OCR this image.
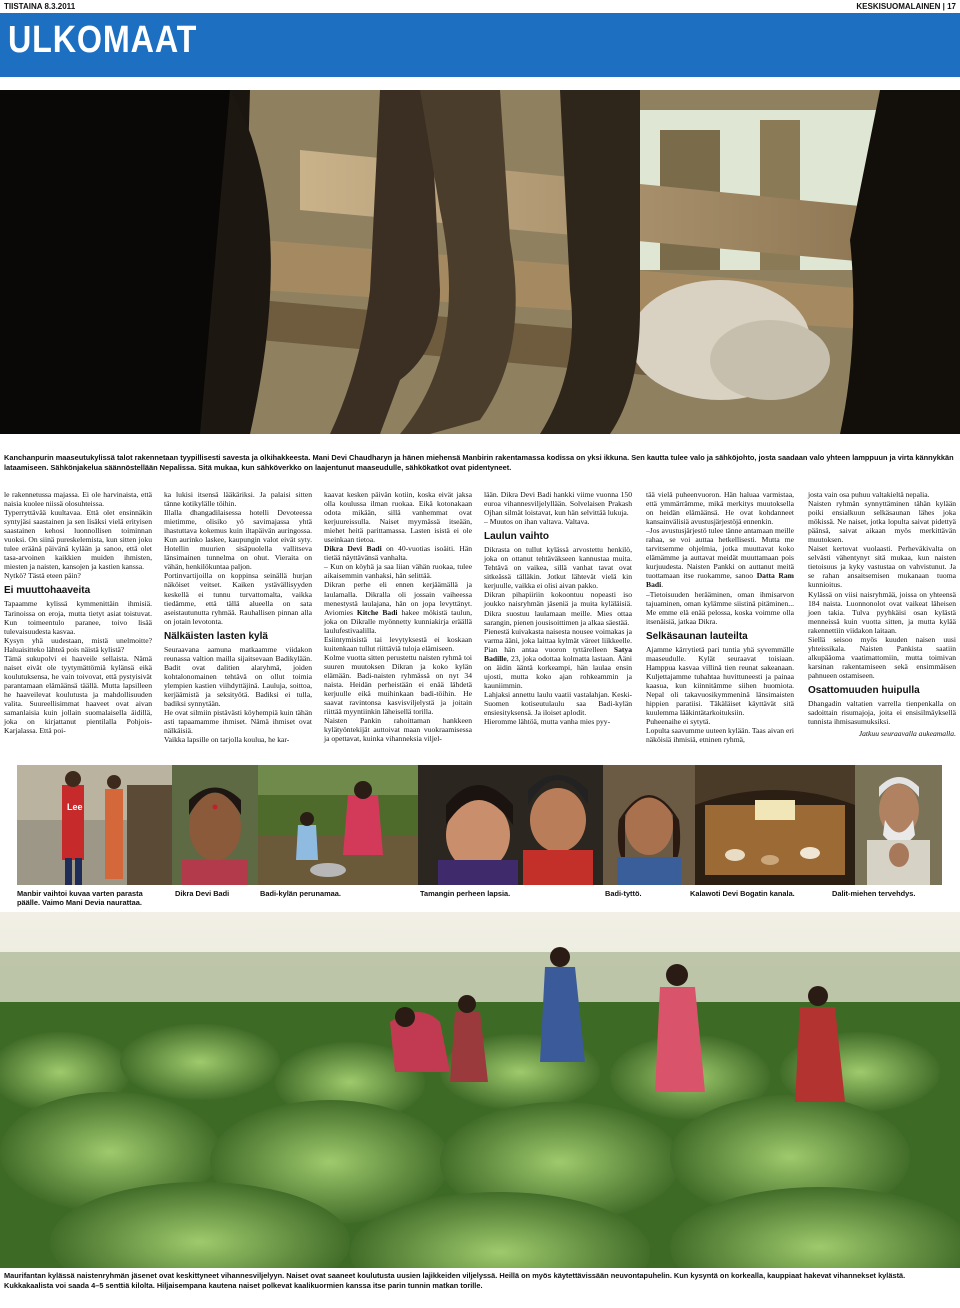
TIISTAINA 8.3.2011	KESKISUOMALAINEN | 17
ULKOMAAT
Kanchanpurin maaseutukylissä talot rakennetaan tyypillisesti savesta ja olkihakkeesta. Mani Devi Chaudharyn ja hänen miehensä Manbirin rakentamassa kodissa on yksi ikkuna. Sen kautta tulee valo ja sähköjohto, josta saadaan valo yhteen lamppuun ja virta kännykkän lataamiseen. Sähkönjakelua säännöstellään Nepalissa. Sitä mukaa, kun sähköverkko on laajentunut maaseudulle, sähkökatkot ovat pidentyneet.

le rakennetussa majassa. Ei ole harvinaista, että naisia kuolee niissä olosuhteissa.

Typerryttävää kuultavaa. Että olet ensinnäkin syntyjäsi saastainen ja sen lisäksi vielä erityisen saastainen kehosi luonnollisen toiminnan vuoksi. On siinä pureskelemista, kun sitten joku tulee eräänä päivänä kylään ja sanoo, että olet tasa-arvoinen kaikkien muiden ihmisten, miesten ja naisten, kansojen ja kastien kanssa.

Nytkö? Tästä eteen päin?

Ei muuttohaaveita

Tapaamme kylissä kymmenittäin ihmisiä. Tarinoissa on eroja, mutta tietyt asiat toistuvat. Kun toimeentulo paranee, toivo lisää tulevaisuudesta kasvaa.

Kysyn yhä uudestaan, mistä unelmoitte? Haluaisitteko lähteä pois näistä kylistä?

Tämä sukupolvi ei haaveile sellaista. Nämä naiset eivät ole tyytymättömiä kylänsä eikä koulutuksensa, he vain toivovat, että pystyisivät parantamaan elämäänsä täällä. Mutta lapsilleen he haaveilevat koulutusta ja mahdollisuuden valita. Suureellisimmat haaveet ovat aivan samanlaisia kuin jollain suomalaisella äidillä, joka on kirjattanut pientilalla Pohjois-Karjalassa. Että poi-

ka lukisi itsensä lääkäriksi. Ja palaisi sitten tänne kotikylälle töihin.

Illalla dhangadilaisessa hotelli Devoteessa mietimme, olisiko yö savimajassa yhtä ihastuttava kokemus kuin iltapäivän auringossa. Kun aurinko laskee, kaupungin valot eivät syty. Hotellin muurien sisäpuolella vallitseva länsimainen tunnelma on ohut. Vieraita on vähän, henkilökuntaa paljon.

Portinvartijoilla on koppinsa seinällä hurjan näköiset veitset. Kaiken ystävällisyyden keskellä ei tunnu turvattomalta, vaikka tiedämme, että tällä alueella on sata aseistautunutta ryhmää. Rauhallisen pinnan alla on jotain levotonta.

Nälkäisten lasten kylä

Seuraavana aamuna matkaamme viidakon reunassa valtion mailla sijaitsevaan Badikylään. Badit ovat dalitien alaryhmä, joiden kohtalonomainen tehtävä on ollut toimia ylempien kastien viihdyttäjinä. Lauluja, soittoa, kerjäämistä ja seksityötä. Badiksi ei tulla, badiksi synnytään.

He ovat silmiin pistävästi köyhempiä kuin tähän asti tapaamamme ihmiset. Nämä ihmiset ovat nälkäisiä.

Vaikka lapsille on tarjolla koulua, he kar-

kaavat kesken päivän kotiin, koska eivät jaksa olla koulussa ilman ruokaa. Eikä kotonakaan odota mikään, sillä vanhemmat ovat kerjuureissulla. Naiset myymässä itseään, miehet heitä parittamassa. Lasten isistä ei ole useinkaan tietoa.

Dikra Devi Badi on 40-vuotias isoäiti. Hän tietää näyttävänsä vanhalta.

– Kun on köyhä ja saa liian vähän ruokaa, tulee aikaisemmin vanhaksi, hän selittää.

Dikran perhe eli ennen kerjäämällä ja laulamalla. Dikralla oli jossain vaiheessa menestystä laulajana, hän on jopa levyttänyt. Aviomies Kitche Badi hakee mökistä taulun, joka on Dikralle myönnetty kunniakirja eräällä laulufestivaalilla.

Esiintymisistä tai levytyksestä ei koskaan kuitenkaan tullut riittäviä tuloja elämiseen.

Kolme vuotta sitten perustettu naisten ryhmä toi suuren muutoksen Dikran ja koko kylän elämään. Badi-naisten ryhmässä on nyt 34 naista. Heidän perheistään ei enää lähdetä kerjuulle eikä muihinkaan badi-töihin. He saavat ravintonsa kasvisviljelystä ja joitain riittää myyntiinkin läheisellä torilla.

Naisten Pankin rahoittaman hankkeen kylätyöntekijät auttoivat maan vuokraamisessa ja opettavat, kuinka vihanneksia viljel-

lään. Dikra Devi Badi hankki viime vuonna 150 euroa vihannesviljelyllään. Solvelaisen Prakash Ojhan silmät loistavat, kun hän selvittää lukuja.

– Muutos on ihan valtava. Valtava.

Laulun vaihto

Dikrasta on tullut kylässä arvostettu henkilö, joka on ottanut tehtäväkseen kannustaa muita. Tehtävä on vaikea, sillä vanhat tavat ovat sitkeässä tälläkin. Jotkut lähtevät vielä kin kerjuulle, vaikka ei olisi aivan pakko.

Dikran pihapiiriin kokoontuu nopeasti iso joukko naisryhmän jäseniä ja muita kyläläisiä. Dikra suostuu laulamaan meille. Mies ottaa sarangin, pienen jousisoittimen ja alkaa säestää.

Pienestä kuivakasta naisesta nousee voimakas ja varma ääni, joka laittaa kylmät väreet liikkeelle. Pian hän antaa vuoron tyttärelleen Satya Badille, 23, joka odottaa kolmatta lastaan. Ääni on äidin ääntä korkeampi, hän laulaa ensin ujosti, mutta koko ajan rohkeammin ja kauniimmin.

Lahjaksi annettu laulu vaatii vastalahjan. Keski-Suomen kotiseutulaulu saa Badi-kylän ensiesityksensä. Ja iloiset aplodit.

Hieromme lähtöä, mutta vanha mies pyy-

tää vielä puheenvuoron. Hän haluaa varmistaa, että ymmärrämme, mikä merkitys muutoksella on heidän elämäänsä. He ovat kohdanneet kansainvälisiä avustusjärjestöjä ennenkin.

–Jos avustusjärjestö tulee tänne antamaan meille rahaa, se voi auttaa hetkellisesti. Mutta me tarvitsemme ohjelmia, jotka muuttavat koko elämämme ja auttavat meidät muuttamaan pois kurjuudesta. Naisten Pankki on auttanut meitä tuottamaan itse ruokamme, sanoo Datta Ram Badi.

–Tietoisuuden herääminen, oman ihmisarvon tajuaminen, oman kylämme siistinä pitäminen... Me emme elä enää pelossa, koska voimme olla itsenäisiä, jatkaa Dikra.

Selkäsaunan lauteilta

Ajamme kärrytietä pari tuntia yhä syvemmälle maaseudulle. Kylät seuraavat toisiaan. Hamppua kasvaa villinä tien reunat sakeanaan. Kuljettajamme tuhahtaa huvittuneesti ja painaa kaasua, kun kiinnitämme siihen huomiota. Nepal oli takavuosikymmeninä länsimaisten hippien paratiisi. Täkäläiset käyttävät sitä kuulemma lääkintätarkoituksiin.

Puheenaihe ei sytytä.

Lopulta saavumme uuteen kylään. Taas aivan eri näköisiä ihmisiä, etninen ryhmä,

josta vain osa puhuu valtakieltä nepalia.

Naisten ryhmän synnyttäminen tähän kylään poiki ensialkuun selkäsaunan lähes joka mökissä. Ne naiset, jotka lopulta saivat pidettyä päänsä, saivat aikaan myös merkittävän muutoksen.

Naiset kertovat vuolaasti. Perheväkivalta on selvästi vähentynyt sitä mukaa, kun naisten tietoisuus ja kyky vastustaa on vahvistunut. Ja se rahan ansaitsemisen mukanaan tuoma kunnioitus.

Kylässä on viisi naisryhmää, joissa on yhteensä 184 naista. Luonnonolot ovat vaikeat läheisen joen takia. Tulva pyyhkäisi osan kylästä menneissä kuin vuotta sitten, ja mutta kylää rakennettiin viidakon laitaan.

Siellä seisoo myös kuuden naisen uusi yhteissikala. Naisten Pankista saatiin alkupääoma vaatimattomiin, mutta toimivan karsinan rakentamiseen sekä ensimmäisen pahnueen ostamiseen.

Osattomuuden huipulla

Dhangadin valtatien varrella tienpenkalla on sadoittain risumajoja, joita ei ensisilmäyksellä tunnista ihmisasumuksiksi.

Jatkuu seuraavalla aukeamalla.

Lee
Manbir vaihtoi kuvaa varten parasta päälle. Vaimo Mani Devia naurattaa.
Dikra Devi Badi	Badi-kylän perunamaa.	Tamangin perheen lapsia.	Badi-tyttö.	Kalawoti Devi Bogatin kanala.	Dalit-miehen tervehdys.
Maurifantan kylässä naistenryhmän jäsenet ovat keskittyneet vihannesviljelyyn. Naiset ovat saaneet koulutusta uusien lajikkeiden viljelyssä. Heillä on myös käytettävissään neuvontapuhelin. Kun kysyntä on korkealla, kauppiaat hakevat vihannekset kylästä. Kukkakaalista voi saada 4–5 senttiä kilolta. Hiljaisempana kautena naiset polkevat kaalikuormien kanssa itse parin tunnin matkan torille.
